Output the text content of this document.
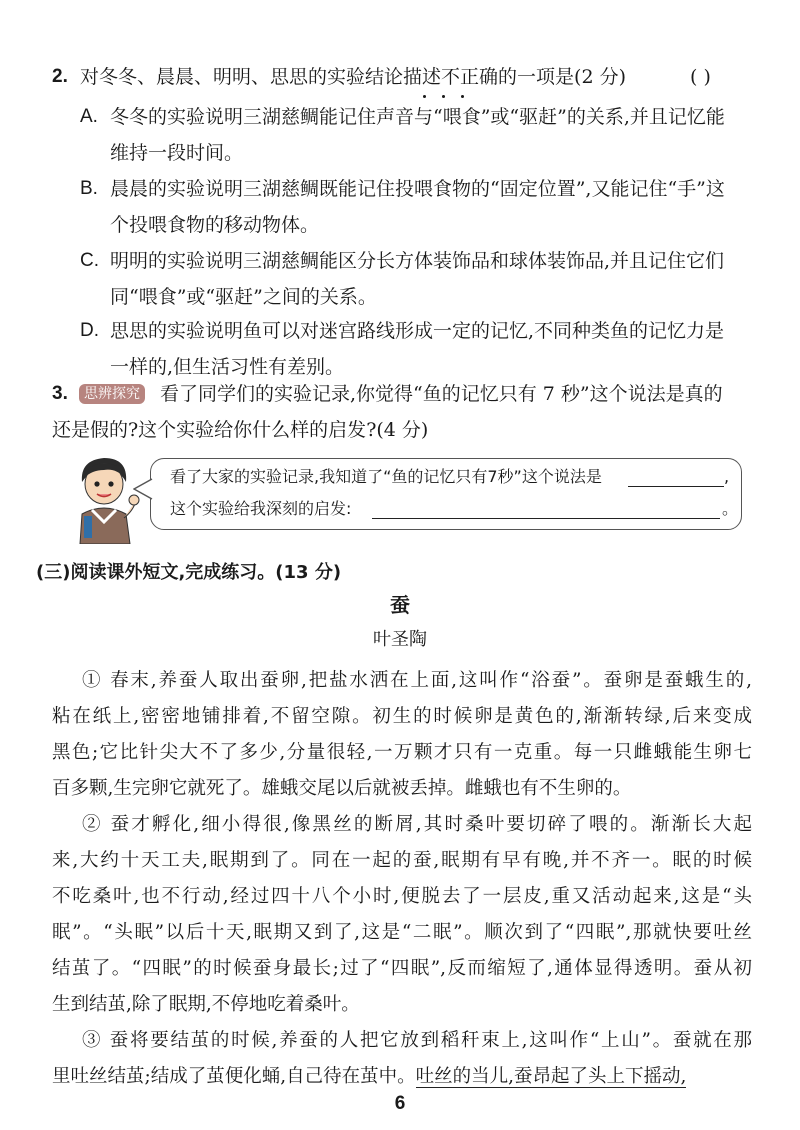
2. 对冬冬、晨晨、明明、思思的实验结论描述不正确的一项是(2 分)	( )
A. 冬冬的实验说明三湖慈鲷能记住声音与“喂食”或“驱赶”的关系,并且记忆能
维持一段时间。
B. 晨晨的实验说明三湖慈鲷既能记住投喂食物的“固定位置”,又能记住“手”这
个投喂食物的移动物体。
C. 明明的实验说明三湖慈鲷能区分长方体装饰品和球体装饰品,并且记住它们
同“喂食”或“驱赶”之间的关系。
D. 思思的实验说明鱼可以对迷宫路线形成一定的记忆,不同种类鱼的记忆力是
一样的,但生活习性有差别。
3.	思辨探究 看了同学们的实验记录,你觉得“鱼的记忆只有 7 秒”这个说法是真的
还是假的?这个实验给你什么样的启发?(4 分)
看了大家的实验记录,我知道了“鱼的记忆只有7秒”这个说法是	,
这个实验给我深刻的启发:	。
(三)阅读课外短文,完成练习。(13 分)
蚕
叶圣陶
① 春末,养蚕人取出蚕卵,把盐水洒在上面,这叫作“浴蚕”。蚕卵是蚕蛾生的,
粘在纸上,密密地铺排着,不留空隙。初生的时候卵是黄色的,渐渐转绿,后来变成
黑色;它比针尖大不了多少,分量很轻,一万颗才只有一克重。每一只雌蛾能生卵七
百多颗,生完卵它就死了。雄蛾交尾以后就被丢掉。雌蛾也有不生卵的。
② 蚕才孵化,细小得很,像黑丝的断屑,其时桑叶要切碎了喂的。渐渐长大起
来,大约十天工夫,眠期到了。同在一起的蚕,眠期有早有晚,并不齐一。眠的时候
不吃桑叶,也不行动,经过四十八个小时,便脱去了一层皮,重又活动起来,这是“头
眠”。“头眠”以后十天,眠期又到了,这是“二眠”。顺次到了“四眠”,那就快要吐丝
结茧了。“四眠”的时候蚕身最长;过了“四眠”,反而缩短了,通体显得透明。蚕从初
生到结茧,除了眠期,不停地吃着桑叶。
③ 蚕将要结茧的时候,养蚕的人把它放到稻秆束上,这叫作“上山”。蚕就在那
里吐丝结茧;结成了茧便化蛹,自己待在茧中。吐丝的当儿,蚕昂起了头上下摇动,
6
